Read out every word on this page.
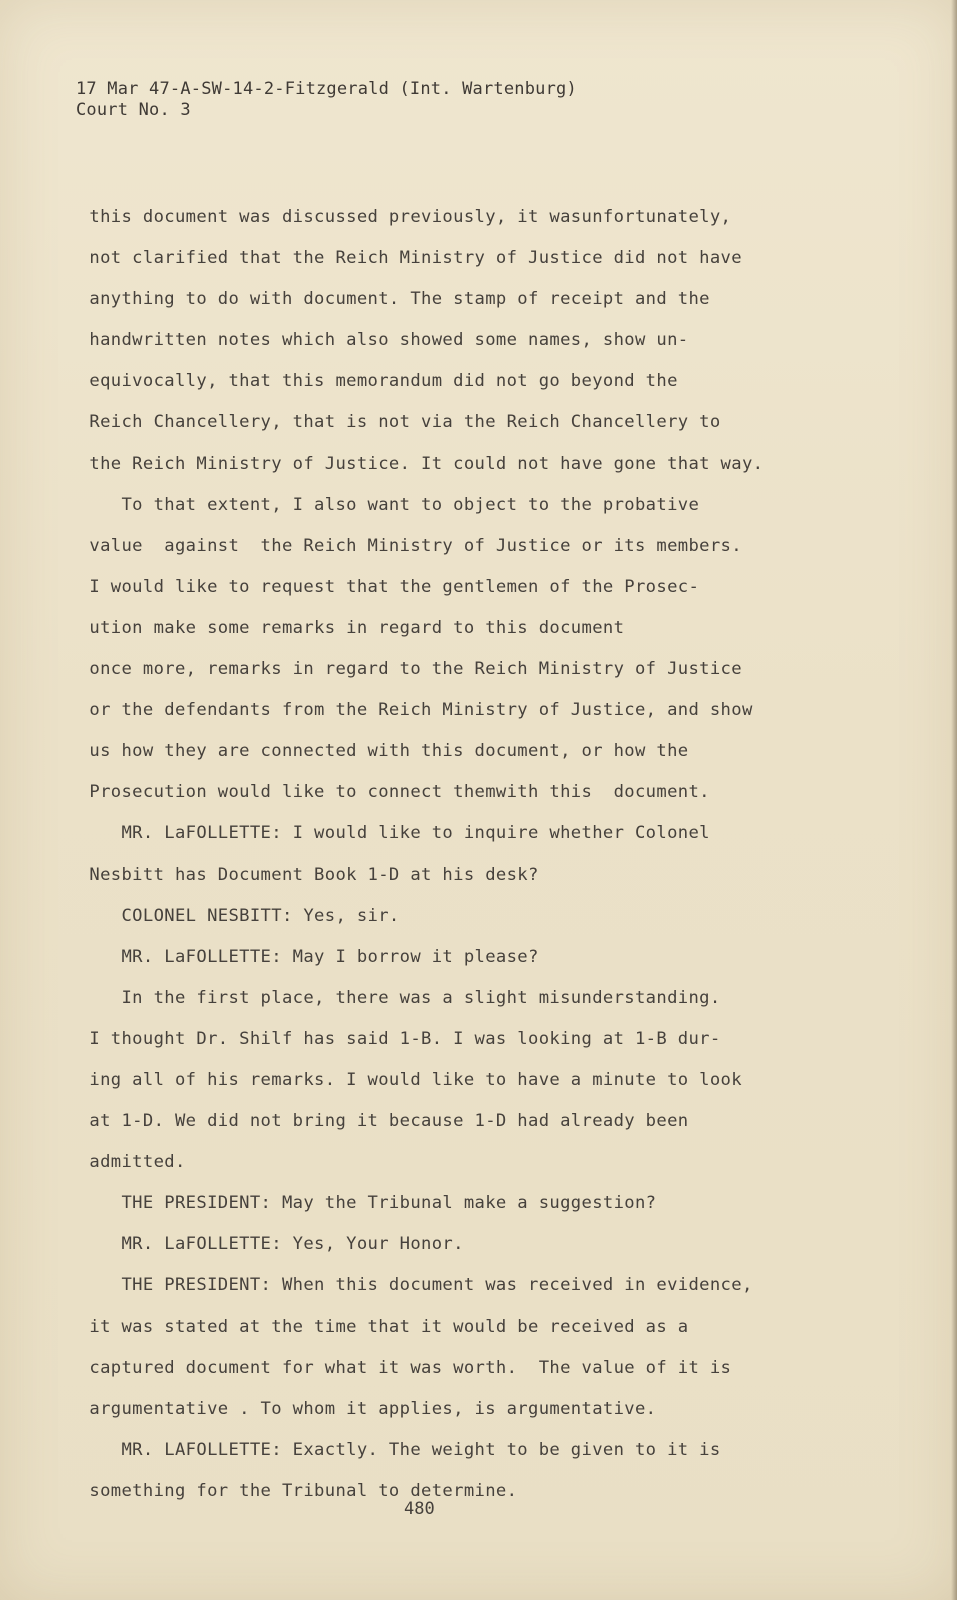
17 Mar 47-A-SW-14-2-Fitzgerald (Int. Wartenburg)
Court No. 3
this document was discussed previously, it wasunfortunately,
not clarified that the Reich Ministry of Justice did not have
anything to do with document. The stamp of receipt and the
handwritten notes which also showed some names, show un-
equivocally, that this memorandum did not go beyond the
Reich Chancellery, that is not via the Reich Chancellery to
the Reich Ministry of Justice. It could not have gone that way.
To that extent, I also want to object to the probative
value  against  the Reich Ministry of Justice or its members.
I would like to request that the gentlemen of the Prosec-
ution make some remarks in regard to this document
once more, remarks in regard to the Reich Ministry of Justice
or the defendants from the Reich Ministry of Justice, and show
us how they are connected with this document, or how the
Prosecution would like to connect themwith this  document.
MR. LaFOLLETTE: I would like to inquire whether Colonel
Nesbitt has Document Book 1-D at his desk?
COLONEL NESBITT: Yes, sir.
MR. LaFOLLETTE: May I borrow it please?
In the first place, there was a slight misunderstanding.
I thought Dr. Shilf has said 1-B. I was looking at 1-B dur-
ing all of his remarks. I would like to have a minute to look
at 1-D. We did not bring it because 1-D had already been
admitted.
THE PRESIDENT: May the Tribunal make a suggestion?
MR. LaFOLLETTE: Yes, Your Honor.
THE PRESIDENT: When this document was received in evidence,
it was stated at the time that it would be received as a
captured document for what it was worth.  The value of it is
argumentative . To whom it applies, is argumentative.
MR. LAFOLLETTE: Exactly. The weight to be given to it is
something for the Tribunal to determine.
480
